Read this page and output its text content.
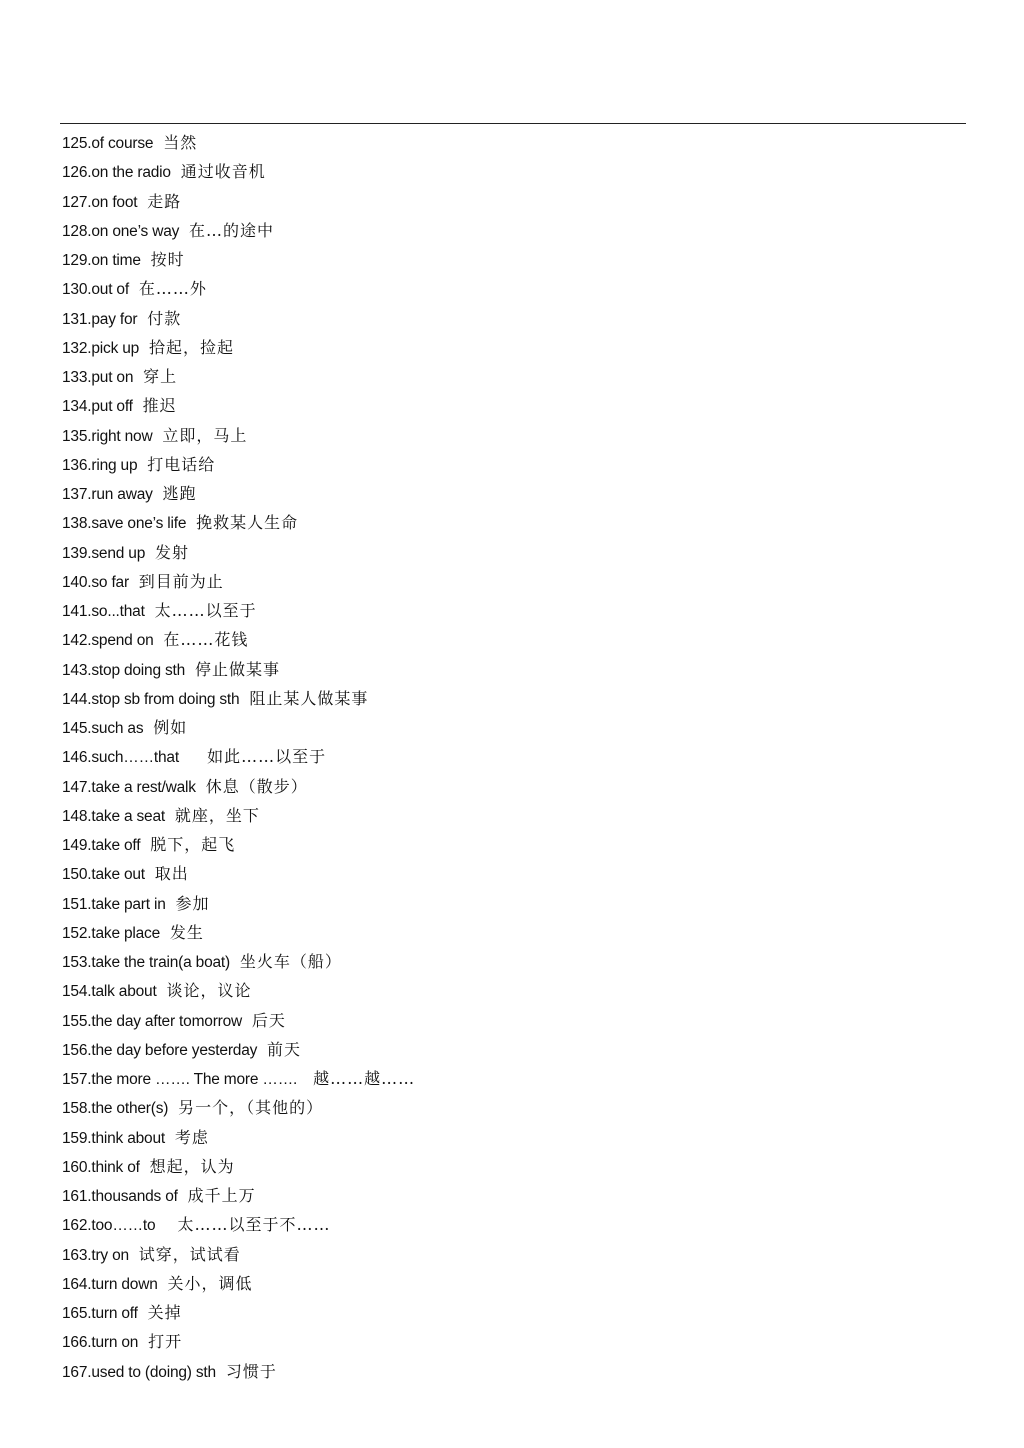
125.of course 当然
126.on the radio 通过收音机
127.on foot 走路
128.on one’s way 在…的途中
129.on time 按时
130.out of 在……外
131.pay for 付款
132.pick up 拾起，捡起
133.put on 穿上
134.put off 推迟
135.right now 立即，马上
136.ring up 打电话给
137.run away 逃跑
138.save one’s life 挽救某人生命
139.send up 发射
140.so far 到目前为止
141.so...that 太……以至于
142.spend on 在……花钱
143.stop doing sth 停止做某事
144.stop sb from doing sth 阻止某人做某事
145.such as 例如
146.such……that     如此……以至于
147.take a rest/walk 休息（散步）
148.take a seat 就座，坐下
149.take off 脱下，起飞
150.take out 取出
151.take part in 参加
152.take place 发生
153.take the train(a boat) 坐火车（船）
154.talk about 谈论，议论
155.the day after tomorrow 后天
156.the day before yesterday 前天
157.the more ……. The more …….   越……越……
158.the other(s) 另一个，（其他的）
159.think about 考虑
160.think of 想起，认为
161.thousands of 成千上万
162.too……to    太……以至于不……
163.try on 试穿，试试看
164.turn down 关小，调低
165.turn off 关掉
166.turn on 打开
167.used to (doing) sth 习惯于
